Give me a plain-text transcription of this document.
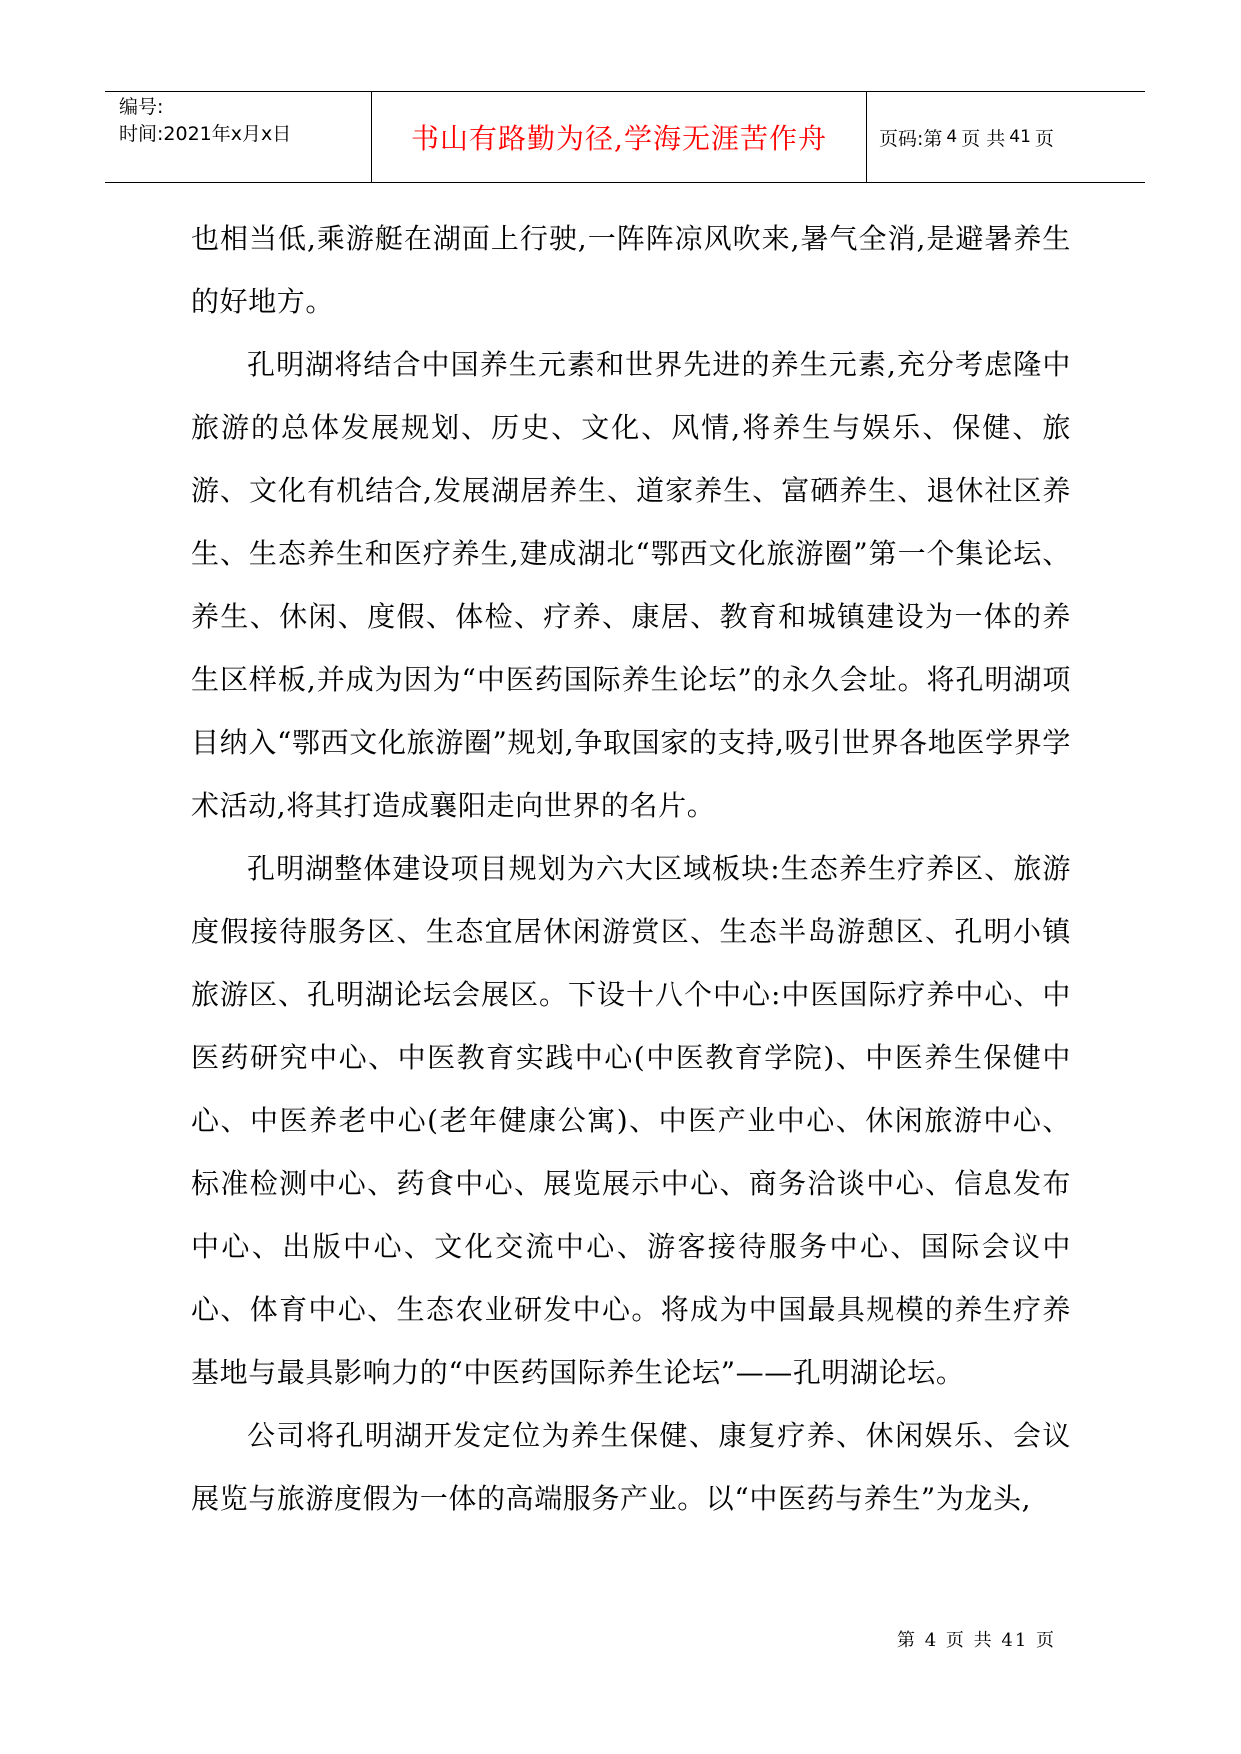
编号:
时间:2021年x月x日	书山有路勤为径,学海无涯苦作舟	页码:第 4 页 共 41 页

也相当低,乘游艇在湖面上行驶,一阵阵凉风吹来,暑气全消,是避暑养生的好地方。

孔明湖将结合中国养生元素和世界先进的养生元素,充分考虑隆中旅游的总体发展规划、历史、文化、风情,将养生与娱乐、保健、旅游、文化有机结合,发展湖居养生、道家养生、富硒养生、退休社区养生、生态养生和医疗养生,建成湖北“鄂西文化旅游圈”第一个集论坛、养生、休闲、度假、体检、疗养、康居、教育和城镇建设为一体的养生区样板,并成为因为“中医药国际养生论坛”的永久会址。将孔明湖项目纳入“鄂西文化旅游圈”规划,争取国家的支持,吸引世界各地医学界学术活动,将其打造成襄阳走向世界的名片。

孔明湖整体建设项目规划为六大区域板块:生态养生疗养区、旅游度假接待服务区、生态宜居休闲游赏区、生态半岛游憩区、孔明小镇旅游区、孔明湖论坛会展区。下设十八个中心:中医国际疗养中心、中医药研究中心、中医教育实践中心(中医教育学院)、中医养生保健中心、中医养老中心(老年健康公寓)、中医产业中心、休闲旅游中心、标准检测中心、药食中心、展览展示中心、商务洽谈中心、信息发布中心、出版中心、文化交流中心、游客接待服务中心、国际会议中心、体育中心、生态农业研发中心。将成为中国最具规模的养生疗养基地与最具影响力的“中医药国际养生论坛”——孔明湖论坛。

公司将孔明湖开发定位为养生保健、康复疗养、休闲娱乐、会议展览与旅游度假为一体的高端服务产业。以“中医药与养生”为龙头,

第 4 页 共 41 页
